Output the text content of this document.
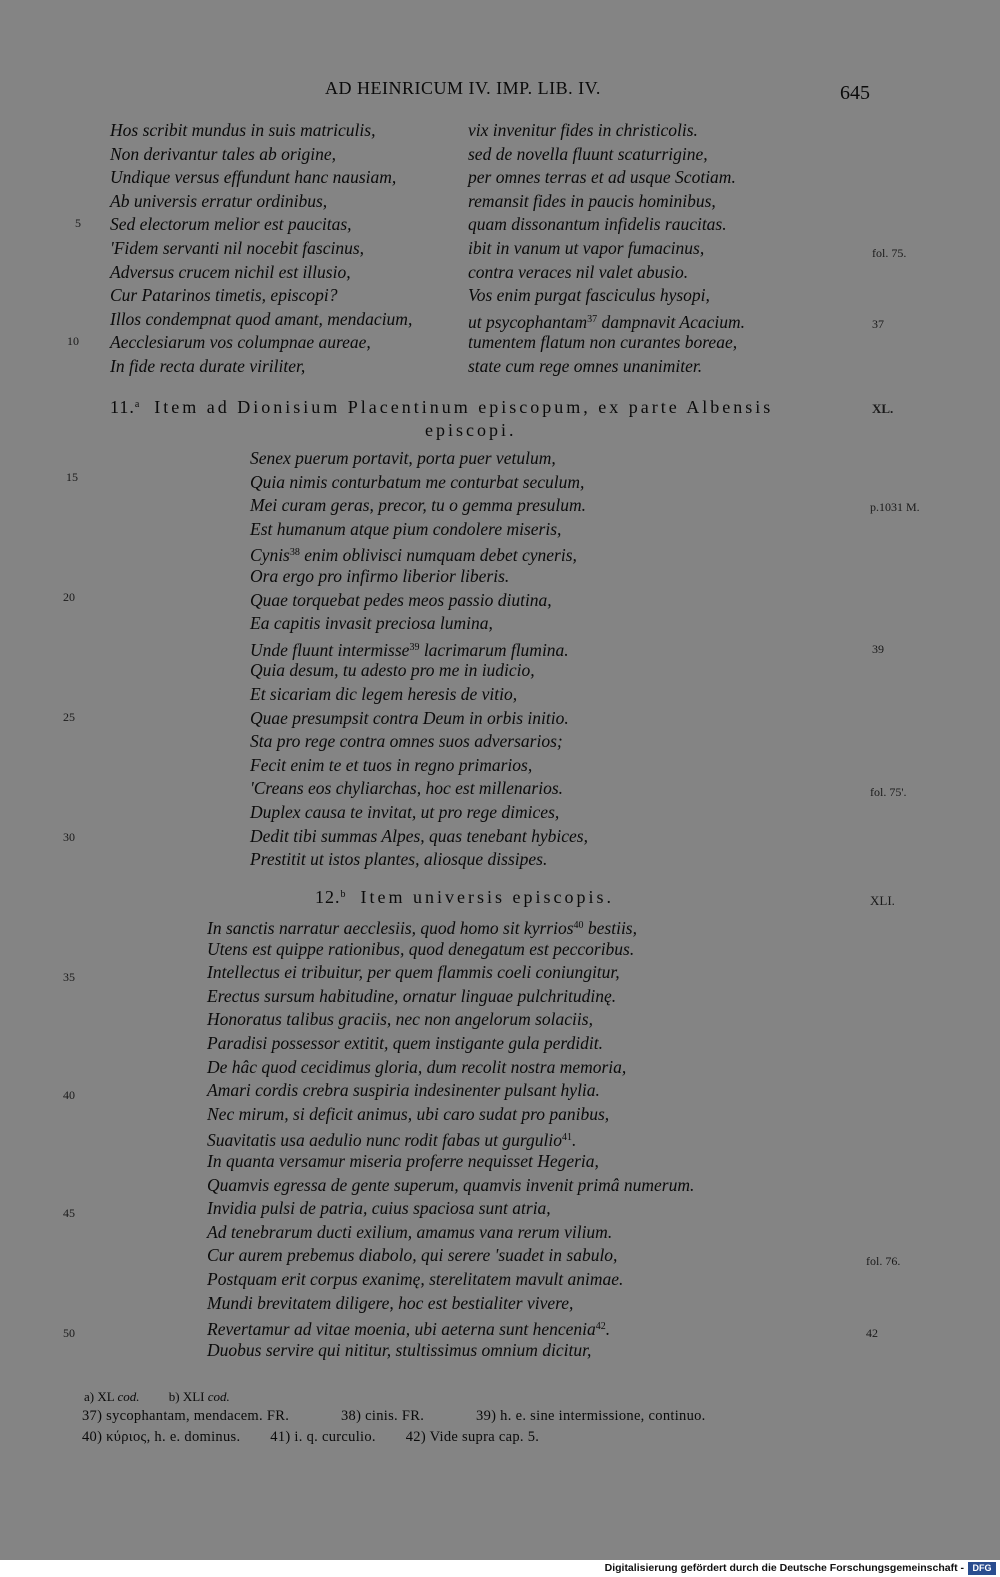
AD HEINRICUM IV. IMP. LIB. IV.	645
Hos scribit mundus in suis matriculis,	vix invenitur fides in christicolis.
Non derivantur tales ab origine,	sed de novella fluunt scaturrigine,
Undique versus effundunt hanc nausiam,	per omnes terras et ad usque Scotiam.
Ab universis erratur ordinibus,	remansit fides in paucis hominibus,
Sed electorum melior est paucitas,	quam dissonantum infidelis raucitas.
'Fidem servanti nil nocebit fascinus,	ibit in vanum ut vapor fumacinus,
Adversus crucem nichil est illusio,	contra veraces nil valet abusio.
Cur Patarinos timetis, episcopi?	Vos enim purgat fasciculus hysopi,
Illos condempnat quod amant, mendacium,	ut psycophantam$^{37}$ dampnavit Acacium.
Aecclesiarum vos columpnae aureae,	tumentem flatum non curantes boreae,
In fide recta durate viriliter,	state cum rege omnes unanimiter.
5
10
fol. 75.
37
11.$^a$ Item ad Dionisium Placentinum episcopum, ex parte Albensis
episcopi.
XL.
Senex puerum portavit, porta puer vetulum,
Quia nimis conturbatum me conturbat seculum,
Mei curam geras, precor, tu o gemma presulum.
Est humanum atque pium condolere miseris,
Cynis$^{38}$ enim oblivisci numquam debet cyneris,
Ora ergo pro infirmo liberior liberis.
Quae torquebat pedes meos passio diutina,
Ea capitis invasit preciosa lumina,
Unde fluunt intermisse$^{39}$ lacrimarum flumina.
Quia desum, tu adesto pro me in iudicio,
Et sicariam dic legem heresis de vitio,
Quae presumpsit contra Deum in orbis initio.
Sta pro rege contra omnes suos adversarios;
Fecit enim te et tuos in regno primarios,
'Creans eos chyliarchas, hoc est millenarios.
Duplex causa te invitat, ut pro rege dimices,
Dedit tibi summas Alpes, quas tenebant hybices,
Prestitit ut istos plantes, aliosque dissipes.
15
20
25
30
p.1031 M.
39
fol. 75'.
12.$^b$ Item universis episcopis.	XLI.
In sanctis narratur aecclesiis, quod homo sit kyrrios$^{40}$ bestiis,
Utens est quippe rationibus, quod denegatum est peccoribus.
Intellectus ei tribuitur, per quem flammis coeli coniungitur,
Erectus sursum habitudine, ornatur linguae pulchritudinę.
Honoratus talibus graciis, nec non angelorum solaciis,
Paradisi possessor extitit, quem instigante gula perdidit.
De hâc quod cecidimus gloria, dum recolit nostra memoria,
Amari cordis crebra suspiria indesinenter pulsant hylia.
Nec mirum, si deficit animus, ubi caro sudat pro panibus,
Suavitatis usa aedulio nunc rodit fabas ut gurgulio$^{41}$.
In quanta versamur miseria proferre nequisset Hegeria,
Quamvis egressa de gente superum, quamvis invenit primâ numerum.
Invidia pulsi de patria, cuius spaciosa sunt atria,
Ad tenebrarum ducti exilium, amamus vana rerum vilium.
Cur aurem prebemus diabolo, qui serere 'suadet in sabulo,
Postquam erit corpus exanimę, sterelitatem mavult animae.
Mundi brevitatem diligere, hoc est bestialiter vivere,
Revertamur ad vitae moenia, ubi aeterna sunt hencenia$^{42}$.
Duobus servire qui nititur, stultissimus omnium dicitur,
35
40
45
50
fol. 76.
42
a) XL cod. b) XLI cod.
37) sycophantam, mendacem. FR.	38) cinis. FR.	39) h. e. sine intermissione, continuo.
40) κύριος, h. e. dominus. 41) i. q. curculio. 42) Vide supra cap. 5.
Digitalisierung gefördert durch die Deutsche Forschungsgemeinschaft - DFG
